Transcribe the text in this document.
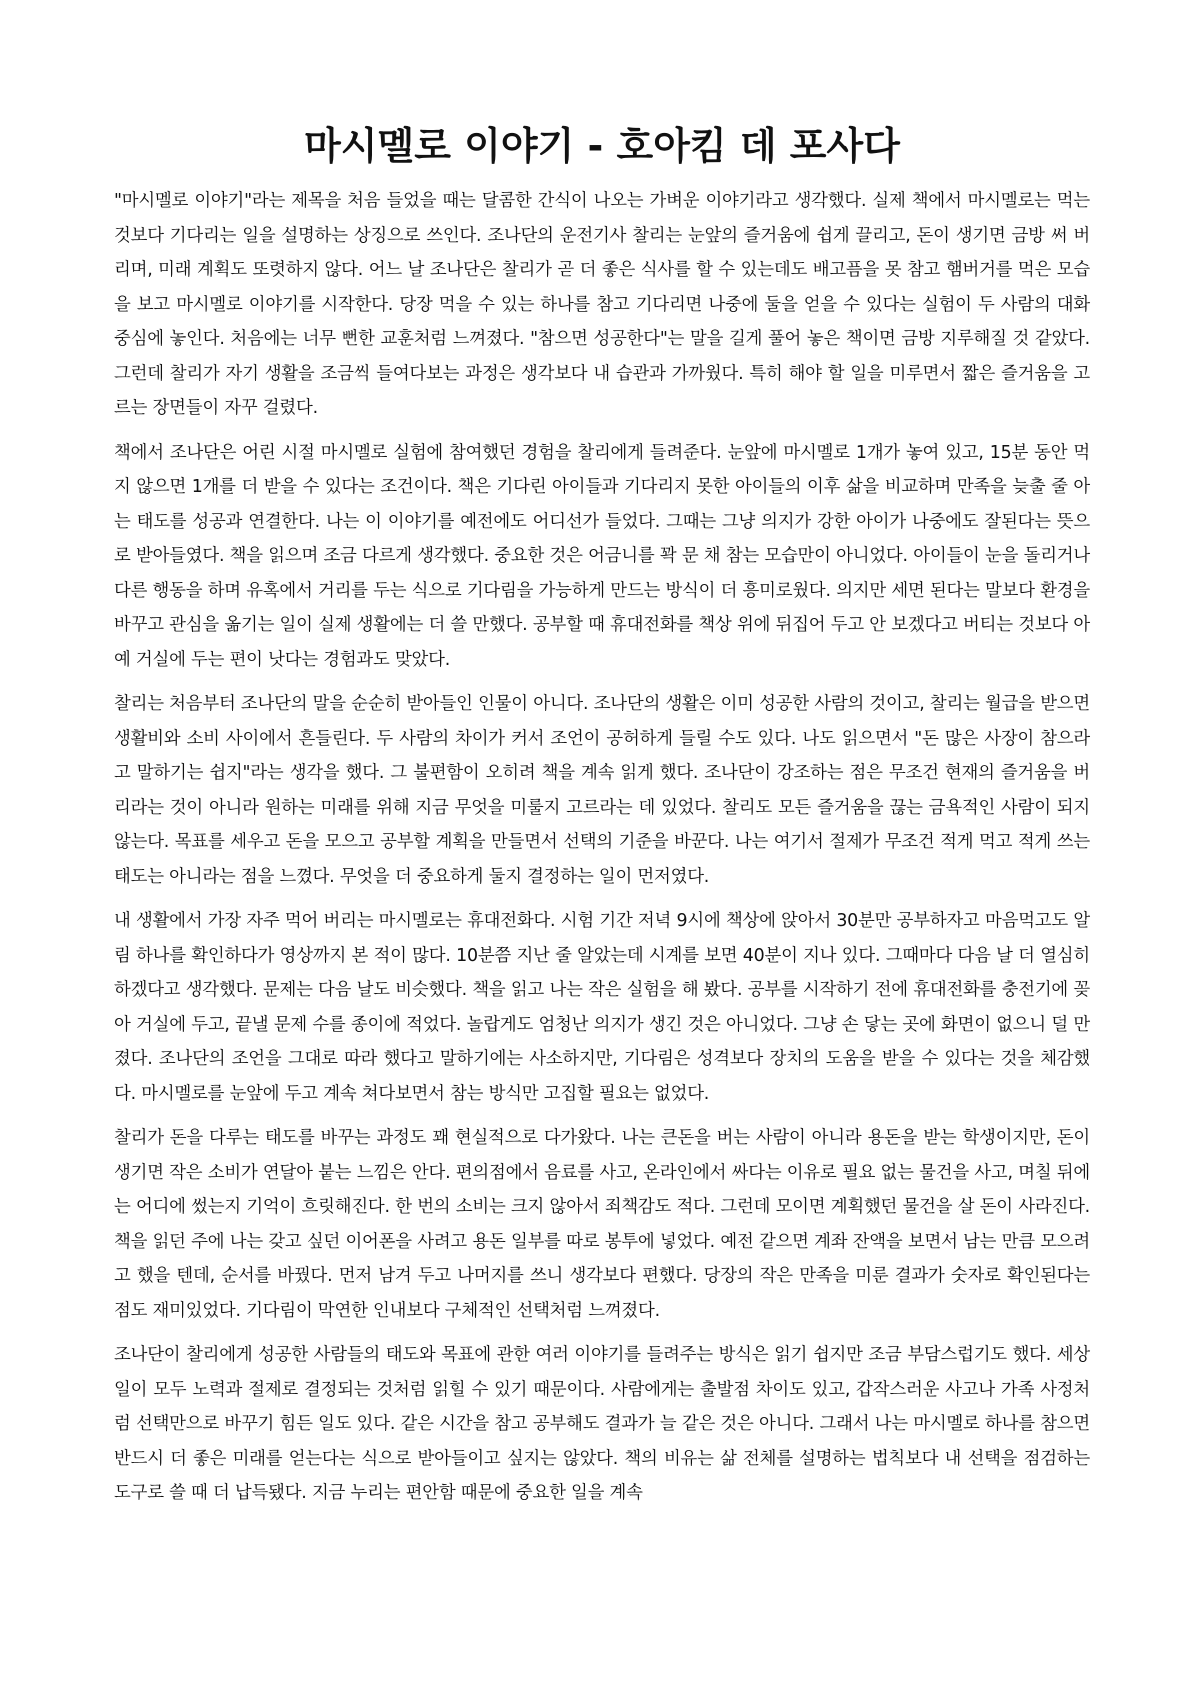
마시멜로 이야기 - 호아킴 데 포사다

"마시멜로 이야기"라는 제목을 처음 들었을 때는 달콤한 간식이 나오는 가벼운 이야기라고 생각했다. 실제 책에서 마시멜로는 먹는 것보다 기다리는 일을 설명하는 상징으로 쓰인다. 조나단의 운전기사 찰리는 눈앞의 즐거움에 쉽게 끌리고, 돈이 생기면 금방 써 버리며, 미래 계획도 또렷하지 않다. 어느 날 조나단은 찰리가 곧 더 좋은 식사를 할 수 있는데도 배고픔을 못 참고 햄버거를 먹은 모습을 보고 마시멜로 이야기를 시작한다. 당장 먹을 수 있는 하나를 참고 기다리면 나중에 둘을 얻을 수 있다는 실험이 두 사람의 대화 중심에 놓인다. 처음에는 너무 뻔한 교훈처럼 느껴졌다. "참으면 성공한다"는 말을 길게 풀어 놓은 책이면 금방 지루해질 것 같았다. 그런데 찰리가 자기 생활을 조금씩 들여다보는 과정은 생각보다 내 습관과 가까웠다. 특히 해야 할 일을 미루면서 짧은 즐거움을 고르는 장면들이 자꾸 걸렸다.

책에서 조나단은 어린 시절 마시멜로 실험에 참여했던 경험을 찰리에게 들려준다. 눈앞에 마시멜로 1개가 놓여 있고, 15분 동안 먹지 않으면 1개를 더 받을 수 있다는 조건이다. 책은 기다린 아이들과 기다리지 못한 아이들의 이후 삶을 비교하며 만족을 늦출 줄 아는 태도를 성공과 연결한다. 나는 이 이야기를 예전에도 어디선가 들었다. 그때는 그냥 의지가 강한 아이가 나중에도 잘된다는 뜻으로 받아들였다. 책을 읽으며 조금 다르게 생각했다. 중요한 것은 어금니를 꽉 문 채 참는 모습만이 아니었다. 아이들이 눈을 돌리거나 다른 행동을 하며 유혹에서 거리를 두는 식으로 기다림을 가능하게 만드는 방식이 더 흥미로웠다. 의지만 세면 된다는 말보다 환경을 바꾸고 관심을 옮기는 일이 실제 생활에는 더 쓸 만했다. 공부할 때 휴대전화를 책상 위에 뒤집어 두고 안 보겠다고 버티는 것보다 아예 거실에 두는 편이 낫다는 경험과도 맞았다.

찰리는 처음부터 조나단의 말을 순순히 받아들인 인물이 아니다. 조나단의 생활은 이미 성공한 사람의 것이고, 찰리는 월급을 받으면 생활비와 소비 사이에서 흔들린다. 두 사람의 차이가 커서 조언이 공허하게 들릴 수도 있다. 나도 읽으면서 "돈 많은 사장이 참으라고 말하기는 쉽지"라는 생각을 했다. 그 불편함이 오히려 책을 계속 읽게 했다. 조나단이 강조하는 점은 무조건 현재의 즐거움을 버리라는 것이 아니라 원하는 미래를 위해 지금 무엇을 미룰지 고르라는 데 있었다. 찰리도 모든 즐거움을 끊는 금욕적인 사람이 되지 않는다. 목표를 세우고 돈을 모으고 공부할 계획을 만들면서 선택의 기준을 바꾼다. 나는 여기서 절제가 무조건 적게 먹고 적게 쓰는 태도는 아니라는 점을 느꼈다. 무엇을 더 중요하게 둘지 결정하는 일이 먼저였다.

내 생활에서 가장 자주 먹어 버리는 마시멜로는 휴대전화다. 시험 기간 저녁 9시에 책상에 앉아서 30분만 공부하자고 마음먹고도 알림 하나를 확인하다가 영상까지 본 적이 많다. 10분쯤 지난 줄 알았는데 시계를 보면 40분이 지나 있다. 그때마다 다음 날 더 열심히 하겠다고 생각했다. 문제는 다음 날도 비슷했다. 책을 읽고 나는 작은 실험을 해 봤다. 공부를 시작하기 전에 휴대전화를 충전기에 꽂아 거실에 두고, 끝낼 문제 수를 종이에 적었다. 놀랍게도 엄청난 의지가 생긴 것은 아니었다. 그냥 손 닿는 곳에 화면이 없으니 덜 만졌다. 조나단의 조언을 그대로 따라 했다고 말하기에는 사소하지만, 기다림은 성격보다 장치의 도움을 받을 수 있다는 것을 체감했다. 마시멜로를 눈앞에 두고 계속 쳐다보면서 참는 방식만 고집할 필요는 없었다.

찰리가 돈을 다루는 태도를 바꾸는 과정도 꽤 현실적으로 다가왔다. 나는 큰돈을 버는 사람이 아니라 용돈을 받는 학생이지만, 돈이 생기면 작은 소비가 연달아 붙는 느낌은 안다. 편의점에서 음료를 사고, 온라인에서 싸다는 이유로 필요 없는 물건을 사고, 며칠 뒤에는 어디에 썼는지 기억이 흐릿해진다. 한 번의 소비는 크지 않아서 죄책감도 적다. 그런데 모이면 계획했던 물건을 살 돈이 사라진다. 책을 읽던 주에 나는 갖고 싶던 이어폰을 사려고 용돈 일부를 따로 봉투에 넣었다. 예전 같으면 계좌 잔액을 보면서 남는 만큼 모으려고 했을 텐데, 순서를 바꿨다. 먼저 남겨 두고 나머지를 쓰니 생각보다 편했다. 당장의 작은 만족을 미룬 결과가 숫자로 확인된다는 점도 재미있었다. 기다림이 막연한 인내보다 구체적인 선택처럼 느껴졌다.

조나단이 찰리에게 성공한 사람들의 태도와 목표에 관한 여러 이야기를 들려주는 방식은 읽기 쉽지만 조금 부담스럽기도 했다. 세상일이 모두 노력과 절제로 결정되는 것처럼 읽힐 수 있기 때문이다. 사람에게는 출발점 차이도 있고, 갑작스러운 사고나 가족 사정처럼 선택만으로 바꾸기 힘든 일도 있다. 같은 시간을 참고 공부해도 결과가 늘 같은 것은 아니다. 그래서 나는 마시멜로 하나를 참으면 반드시 더 좋은 미래를 얻는다는 식으로 받아들이고 싶지는 않았다. 책의 비유는 삶 전체를 설명하는 법칙보다 내 선택을 점검하는 도구로 쓸 때 더 납득됐다. 지금 누리는 편안함 때문에 중요한 일을 계속
